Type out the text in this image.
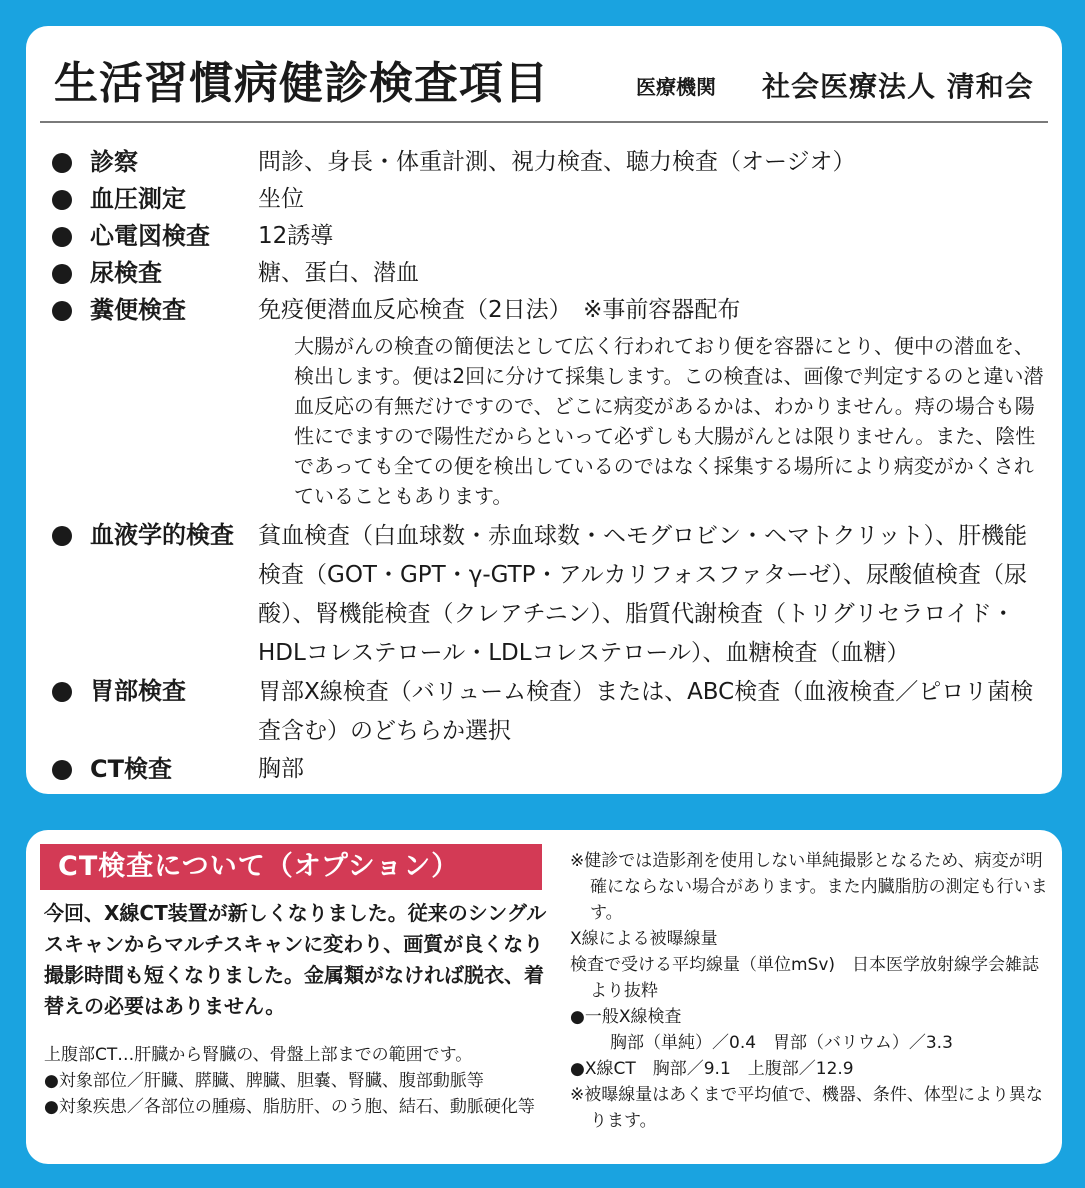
生活習慣病健診検査項目	医療機関 社会医療法人 清和会
診察	問診、身長・体重計測、視力検査、聴力検査（オージオ）
血圧測定	坐位
心電図検査 12誘導
尿検査	糖、蛋白、潜血
糞便検査	免疫便潜血反応検査（2日法）　※事前容器配布
大腸がんの検査の簡便法として広く行われており便を容器にとり、便中の潜血を、検出します。便は2回に分けて採集します。この検査は、画像で判定するのと違い潜血反応の有無だけですので、どこに病変があるかは、わかりません。痔の場合も陽性にでますので陽性だからといって必ずしも大腸がんとは限りません。また、陰性であっても全ての便を検出しているのではなく採集する場所により病変がかくされていることもあります。
血液学的検査 貧血検査（白血球数・赤血球数・ヘモグロビン・ヘマトクリット）、肝機能検査（GOT・GPT・γ-GTP・アルカリフォスファターゼ）、尿酸値検査（尿酸）、腎機能検査（クレアチニン）、脂質代謝検査（トリグリセラロイド・HDLコレステロール・LDLコレステロール）、血糖検査（血糖）
胃部検査	胃部X線検査（バリューム検査）または、ABC検査（血液検査／ピロリ菌検査含む）のどちらか選択
CT検査	胸部
CT検査について（オプション）
今回、X線CT装置が新しくなりました。従来のシングルスキャンからマルチスキャンに変わり、画質が良くなり撮影時間も短くなりました。金属類がなければ脱衣、着替えの必要はありません。
上腹部CT…肝臓から腎臓の、骨盤上部までの範囲です。
●対象部位／肝臓、膵臓、脾臓、胆嚢、腎臓、腹部動脈等
●対象疾患／各部位の腫瘍、脂肪肝、のう胞、結石、動脈硬化等
※健診では造影剤を使用しない単純撮影となるため、病変が明確にならない場合があります。また内臓脂肪の測定も行います。
X線による被曝線量
検査で受ける平均線量（単位mSv)　日本医学放射線学会雑誌より抜粋
●一般X線検査
胸部（単純）／0.4　胃部（バリウム）／3.3
●X線CT　胸部／9.1　上腹部／12.9
※被曝線量はあくまで平均値で、機器、条件、体型により異なります。
